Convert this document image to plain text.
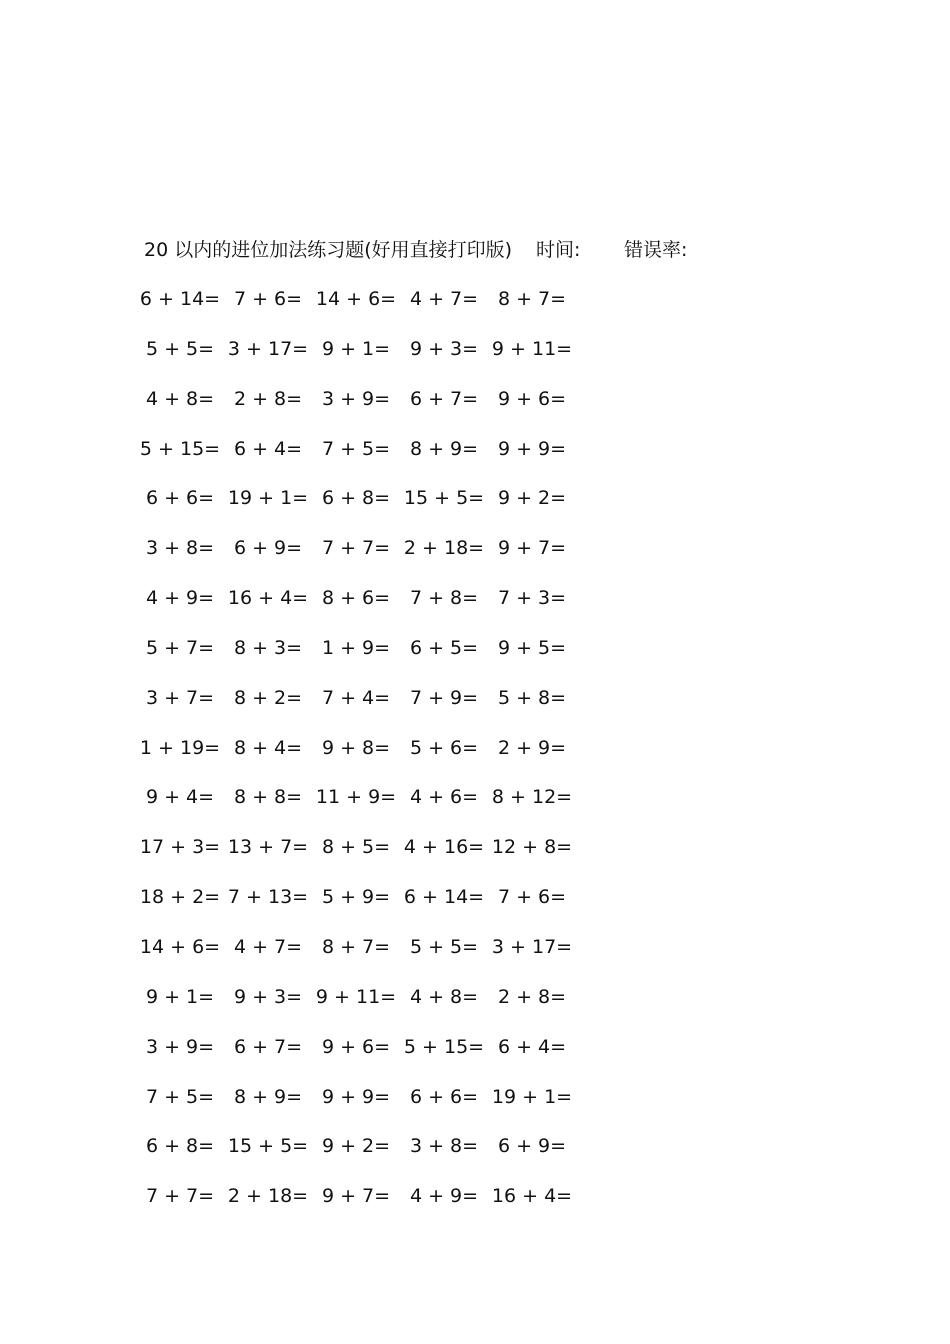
20 以内的进位加法练习题(好用直接打印版) 时间: 错误率:
6 + 14= 7 + 6= 14 + 6= 4 + 7=	8 + 7=
5 + 5= 3 + 17= 9 + 1=	9 + 3= 9 + 11=
4 + 8=	2 + 8=	3 + 9=	6 + 7=	9 + 6=
5 + 15= 6 + 4=	7 + 5=	8 + 9=	9 + 9=
6 + 6= 19 + 1= 6 + 8= 15 + 5= 9 + 2=
3 + 8=	6 + 9=	7 + 7= 2 + 18= 9 + 7=
4 + 9= 16 + 4= 8 + 6=	7 + 8=	7 + 3=
5 + 7=	8 + 3=	1 + 9=	6 + 5=	9 + 5=
3 + 7=	8 + 2=	7 + 4=	7 + 9=	5 + 8=
1 + 19= 8 + 4=	9 + 8=	5 + 6=	2 + 9=
9 + 4=	8 + 8= 11 + 9= 4 + 6= 8 + 12=
17 + 3= 13 + 7= 8 + 5= 4 + 16= 12 + 8=
18 + 2= 7 + 13= 5 + 9= 6 + 14= 7 + 6=
14 + 6= 4 + 7=	8 + 7=	5 + 5= 3 + 17=
9 + 1=	9 + 3= 9 + 11= 4 + 8=	2 + 8=
3 + 9=	6 + 7=	9 + 6= 5 + 15= 6 + 4=
7 + 5=	8 + 9=	9 + 9=	6 + 6= 19 + 1=
6 + 8= 15 + 5= 9 + 2=	3 + 8=	6 + 9=
7 + 7= 2 + 18= 9 + 7=	4 + 9= 16 + 4=
